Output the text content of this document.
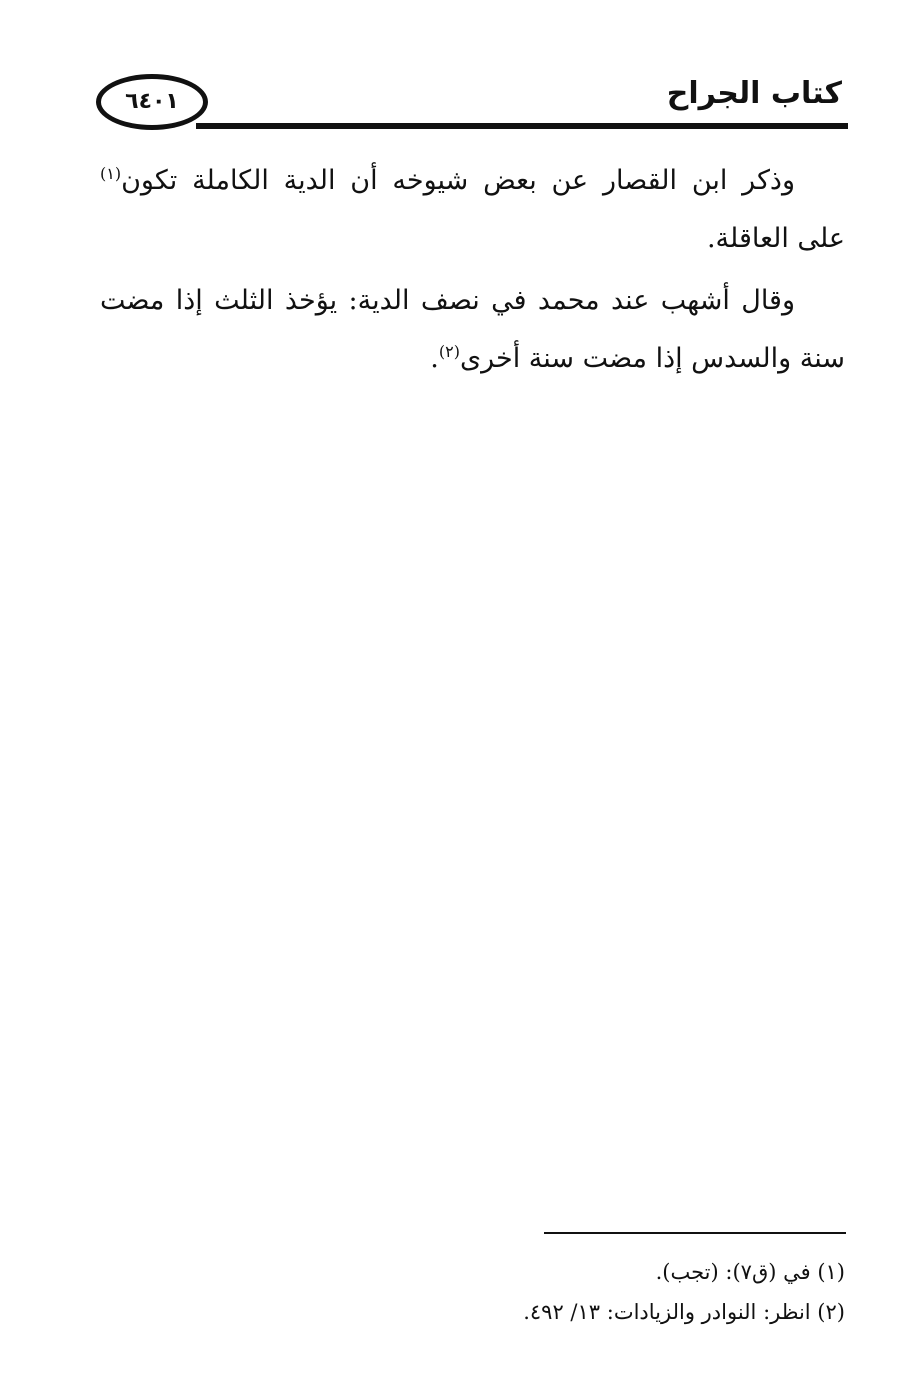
٦٤٠١	كتاب الجراح

وذكر ابن القصار عن بعض شيوخه أن الدية الكاملة تكون$^{(١)}$ على العاقلة.

وقال أشهب عند محمد في نصف الدية: يؤخذ الثلث إذا مضت سنة والسدس إذا مضت سنة أخرى$^{(٢)}$.

(١) في (ق٧): (تجب).

(٢) انظر: النوادر والزيادات: ١٣/ ٤٩٢.
